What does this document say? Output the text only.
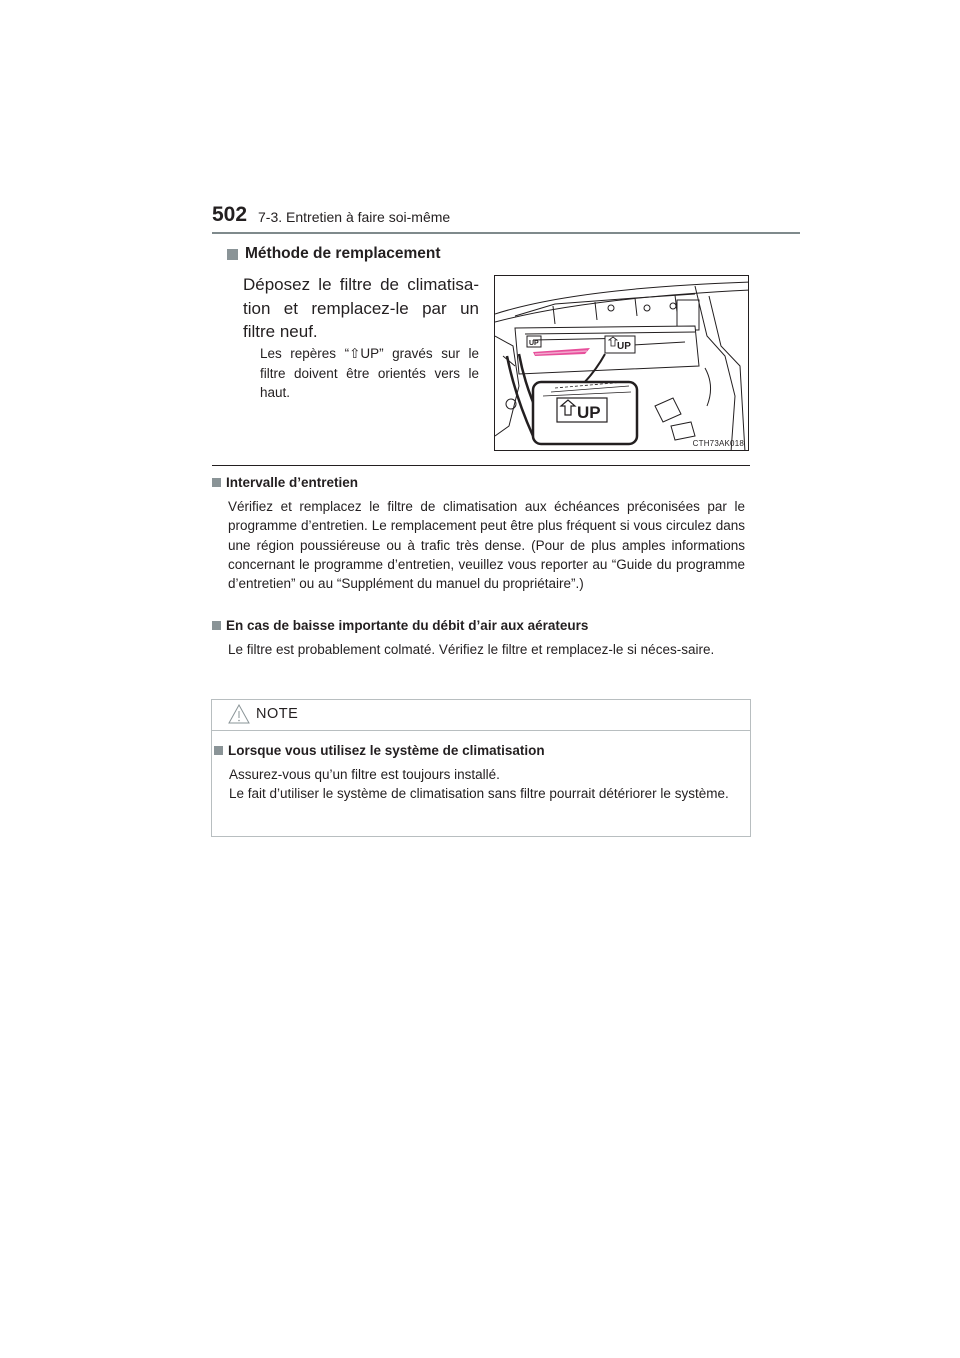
502 7-3. Entretien à faire soi-même
Méthode de remplacement
Déposez le filtre de climatisa-tion et remplacez-le par un filtre neuf.
Les repères “⇧UP” gravés sur le filtre doivent être orientés vers le haut.
UP	UP
UP
CTH73AK018
Intervalle d’entretien
Vérifiez et remplacez le filtre de climatisation aux échéances préconisées par le programme d’entretien. Le remplacement peut être plus fréquent si vous circulez dans une région poussiéreuse ou à trafic très dense. (Pour de plus amples informations concernant le programme d’entretien, veuillez vous reporter au “Guide du programme d’entretien” ou au “Supplément du manuel du propriétaire”.)
En cas de baisse importante du débit d’air aux aérateurs
Le filtre est probablement colmaté. Vérifiez le filtre et remplacez-le si néces-saire.
NOTE
Lorsque vous utilisez le système de climatisation
Assurez-vous qu’un filtre est toujours installé.
Le fait d’utiliser le système de climatisation sans filtre pourrait détériorer le système.
